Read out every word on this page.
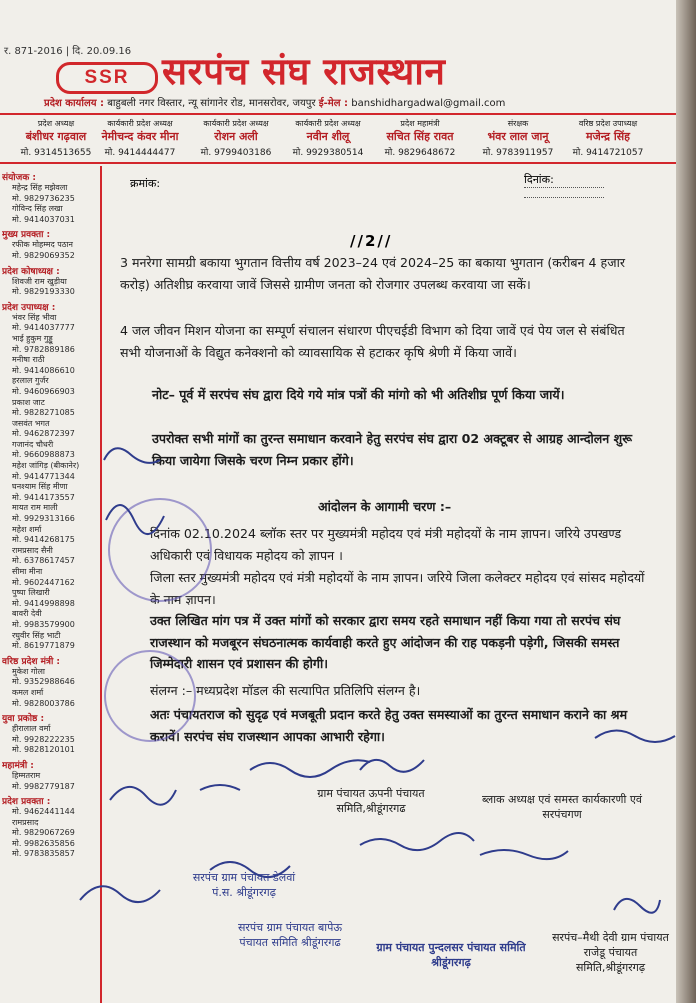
र. 871-2016 | दि. 20.09.16
SSR सरपंच संघ राजस्थान
प्रदेश कार्यालय : बाहुबली नगर विस्तार, न्यू सांगानेर रोड, मानसरोवर, जयपुर ई-मेल : banshidhargadwal@gmail.com
प्रदेश अध्यक्ष
बंशीधर गढ़वाल
मो. 9314513655
कार्यकारी प्रदेश अध्यक्ष
नेमीचन्द कंवर मीना
मो. 9414444477
कार्यकारी प्रदेश अध्यक्ष
रोशन अली
मो. 9799403186
कार्यकारी प्रदेश अध्यक्ष
नवीन शीलू
मो. 9929380514
प्रदेश महामंत्री
सचित सिंह रावत
मो. 9829648672
संरक्षक
भंवर लाल जानू
मो. 9783911957
वरिष्ठ प्रदेश उपाध्यक्ष
मजेन्द्र सिंह
मो. 9414721057
संयोजक :
महेन्द्र सिंह मझेवला
मो. 9829736235
गोविन्द सिंह लखा
मो. 9414037031
मुख्य प्रवक्ता :
रफीक मोहम्मद पठान
मो. 9829069352
प्रदेश कोषाध्यक्ष :
शिवजी राम खुड़ीया
मो. 9829193330
प्रदेश उपाध्यक्ष :
भंवर सिंह भीवा
मो. 9414037777
भाई हुकुम गुड्डू
मो. 9782889186
मनीषा राठी
मो. 9414086610
हरलाल गुर्जर
मो. 9460966903
प्रकाश जाट
मो. 9828271085
जसवंत भगत
मो. 9462872397
गजानंद चौधरी
मो. 9660988873
महेश जांगिड़ (बीकानेर)
मो. 9414771344
घनश्याम सिंह मीणा
मो. 9414173557
मायत राम माली
मो. 9929313166
महेश शर्मा
मो. 9414268175
रामप्रसाद सैनी
मो. 6378617457
सीमा मीना
मो. 9602447162
पुष्पा लिखारी
मो. 9414998898
बावरी देवी
मो. 9983579900
रघुवीर सिंह भाटी
मो. 8619771879
वरिष्ठ प्रदेश मंत्री :
मुकेश गोला
मो. 9352988646
कमल शर्मा
मो. 9828003786
युवा प्रकोष्ठ :
हीरालाल वर्मा
मो. 9928222235
मो. 9828120101
महामंत्री :
हिम्मतराम
मो. 9982779187
प्रदेश प्रवक्ता :
मो. 9462441144
रामप्रसाद
मो. 9829067269
मो. 9982635856
मो. 9783835857
क्रमांक:	दिनांक:
//2//
3 मनरेगा सामग्री बकाया भुगतान वित्तीय वर्ष 2023–24 एवं 2024–25 का बकाया भुगतान (करीबन 4 हजार करोड़) अतिशीघ्र करवाया जावें जिससे ग्रामीण जनता को रोजगार उपलब्ध करवाया जा सकें।
4 जल जीवन मिशन योजना का सम्पूर्ण संचालन संधारण पीएचईडी विभाग को दिया जावें एवं पेय जल से संबंधित सभी योजनाओं के विद्युत कनेक्शनो को व्यावसायिक से हटाकर कृषि श्रेणी में किया जावें।
नोट– पूर्व में सरपंच संघ द्वारा दिये गये मांत्र पत्रों की मांगो को भी अतिशीघ्र पूर्ण किया जायें।
उपरोक्त सभी मांगों का तुरन्त समाधान करवाने हेतु सरपंच संघ द्वारा 02 अक्टूबर से आग्रह आन्दोलन शुरू किया जायेगा जिसके चरण निम्न प्रकार होंगे।
आंदोलन के आगामी चरण :–
दिनांक 02.10.2024 ब्लॉक स्तर पर मुख्यमंत्री महोदय एवं मंत्री महोदयों के नाम ज्ञापन। जरिये उपखण्ड अधिकारी एवं विधायक महोदय को ज्ञापन ।
जिला स्तर मुख्यमंत्री महोदय एवं मंत्री महोदयों के नाम ज्ञापन। जरिये जिला कलेक्टर महोदय एवं सांसद महोदयों के नाम ज्ञापन।
उक्त लिखित मांग पत्र में उक्त मांगों को सरकार द्वारा समय रहते समाधान नहीं किया गया तो सरपंच संघ राजस्थान को मजबूरन संघठनात्मक कार्यवाही करते हुए आंदोजन की राह पकड़नी पड़ेगी, जिसकी समस्त जिम्मेदारी शासन एवं प्रशासन की होगी।
संलग्न :– मध्यप्रदेश मॉडल की सत्यापित प्रतिलिपि संलग्न है।
अतः पंचायतराज को सुदृढ एवं मजबूती प्रदान करते हेतु उक्त समस्याओं का तुरन्त समाधान कराने का श्रम करावें। सरपंच संघ राजस्थान आपका आभारी रहेगा।
ग्राम पंचायत ऊपनी पंचायत समिति,श्रीडूंगरगढ
ब्लाक अध्यक्ष एवं समस्त कार्यकारणी एवं सरपंचगण
सरपंच ग्राम पंचायत डेलवां पं.स. श्रीडूंगरगढ़
ग्राम पंचायत पुन्दलसर पंचायत समिति श्रीडूंगरगढ़
सरपंच–मैथी देवी ग्राम पंचायत राजेडू पंचायत समिति,श्रीडूंगरगढ़
सरपंच ग्राम पंचायत बापेऊ पंचायत समिति श्रीडूंगरगढ
